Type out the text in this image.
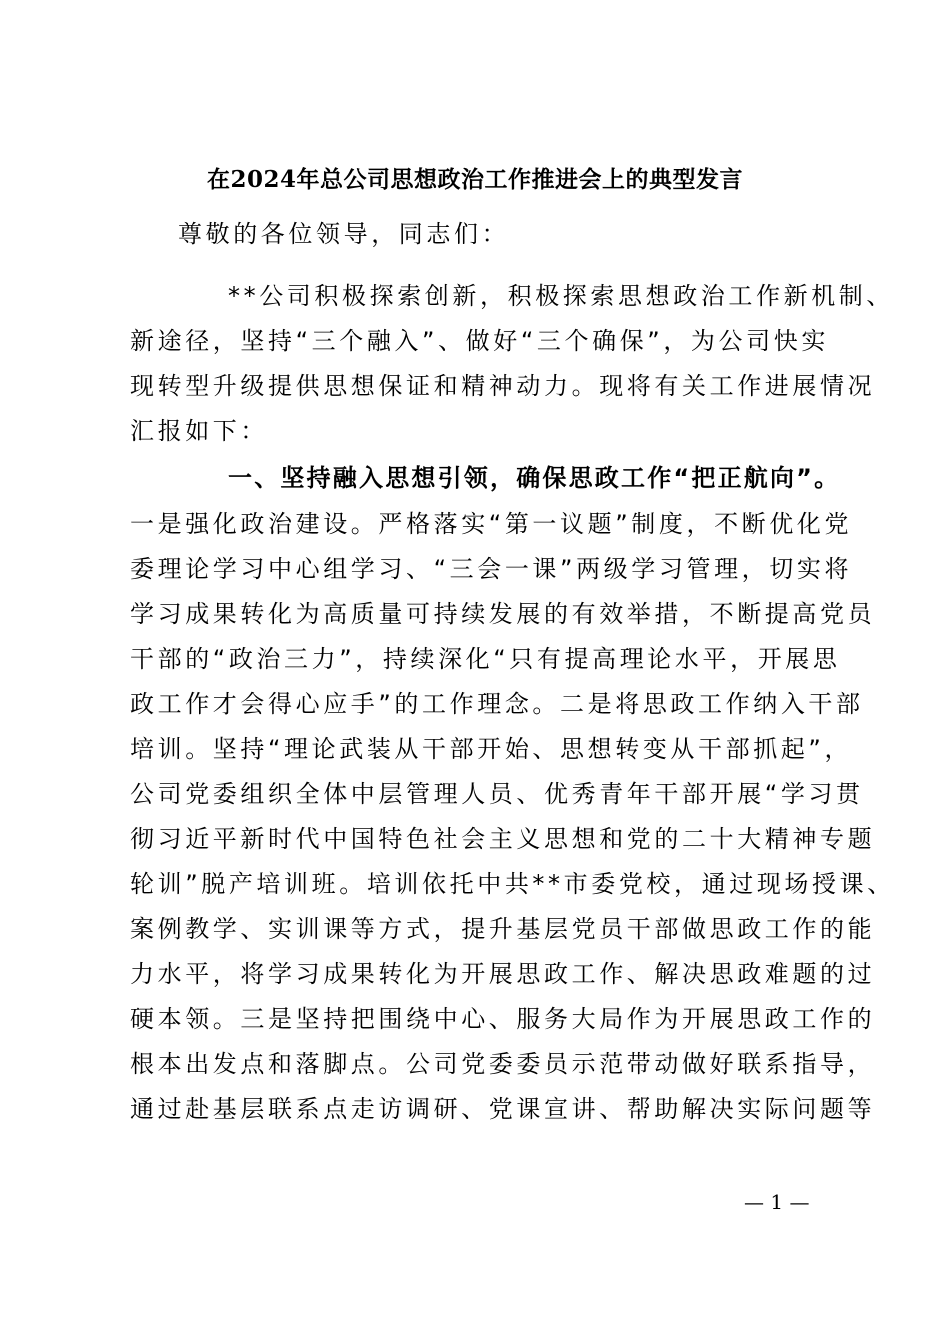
在2024年总公司思想政治工作推进会上的典型发言
尊敬的各位领导，同志们：
**公司积极探索创新，积极探索思想政治工作新机制、
新途径，坚持“三个融入”、做好“三个确保”，为公司快实
现转型升级提供思想保证和精神动力。现将有关工作进展情况
汇报如下：
一、坚持融入思想引领，确保思政工作“把正航向”。
一是强化政治建设。严格落实“第一议题”制度，不断优化党
委理论学习中心组学习、“三会一课”两级学习管理，切实将
学习成果转化为高质量可持续发展的有效举措，不断提高党员
干部的“政治三力”，持续深化“只有提高理论水平，开展思
政工作才会得心应手”的工作理念。二是将思政工作纳入干部
培训。坚持“理论武装从干部开始、思想转变从干部抓起”，
公司党委组织全体中层管理人员、优秀青年干部开展“学习贯
彻习近平新时代中国特色社会主义思想和党的二十大精神专题
轮训”脱产培训班。培训依托中共**市委党校，通过现场授课、
案例教学、实训课等方式，提升基层党员干部做思政工作的能
力水平，将学习成果转化为开展思政工作、解决思政难题的过
硬本领。三是坚持把围绕中心、服务大局作为开展思政工作的
根本出发点和落脚点。公司党委委员示范带动做好联系指导，
通过赴基层联系点走访调研、党课宣讲、帮助解决实际问题等
— 1 —
